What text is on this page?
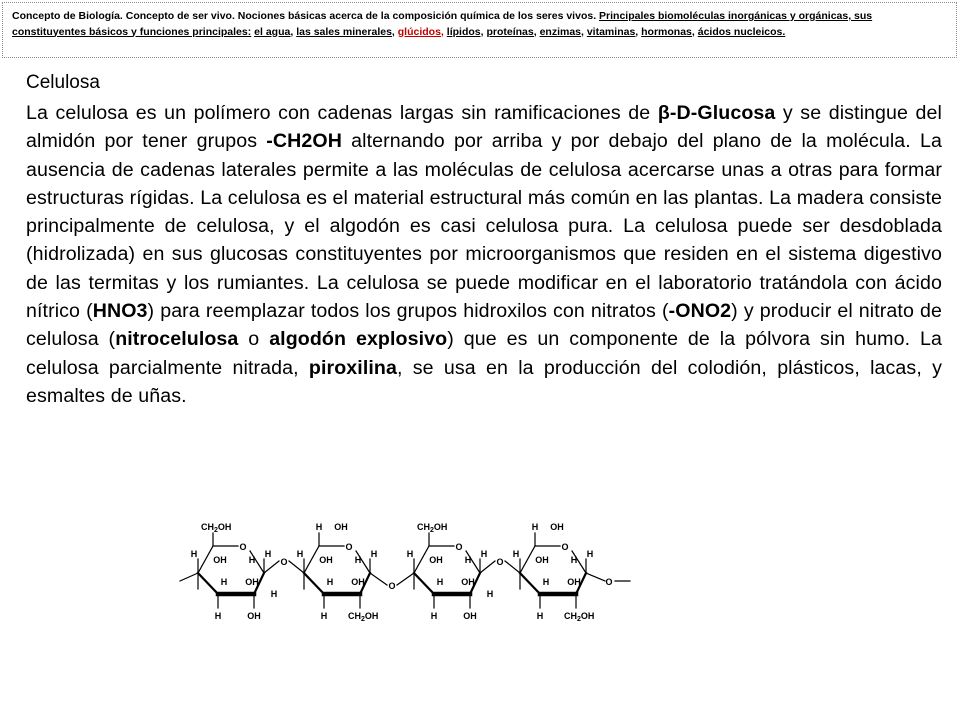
Concepto de Biología. Concepto de ser vivo. Nociones básicas acerca de la composición química de los seres vivos. Principales biomoléculas inorgánicas y orgánicas, sus constituyentes básicos y funciones principales: el agua, las sales minerales, glúcidos, lípidos, proteínas, enzimas, vitaminas, hormonas, ácidos nucleicos.
Celulosa
La celulosa es un polímero con cadenas largas sin ramificaciones de β-D-Glucosa y se distingue del almidón por tener grupos -CH2OH alternando por arriba y por debajo del plano de la molécula. La ausencia de cadenas laterales permite a las moléculas de celulosa acercarse unas a otras para formar estructuras rígidas. La celulosa es el material estructural más común en las plantas. La madera consiste principalmente de celulosa, y el algodón es casi celulosa pura. La celulosa puede ser desdoblada (hidrolizada) en sus glucosas constituyentes por microorganismos que residen en el sistema digestivo de las termitas y los rumiantes. La celulosa se puede modificar en el laboratorio tratándola con ácido nítrico (HNO3) para reemplazar todos los grupos hidroxilos con nitratos (-ONO2) y producir el nitrato de celulosa (nitrocelulosa o algodón explosivo) que es un componente de la pólvora sin humo. La celulosa parcialmente nitrada, piroxilina, se usa en la producción del colodión, plásticos, lacas, y esmaltes de uñas.
O
$CH_2OH$
H	H
H OH
OH H
H	OH
H
O
O
H
H	H
H OH
OH H
H $CH_2OH$
OH
O
O
$CH_2OH$
H	H
H OH
OH H
H	OH
H
O
O
H
H	H
H OH
OH H
H $CH_2OH$
OH
O
